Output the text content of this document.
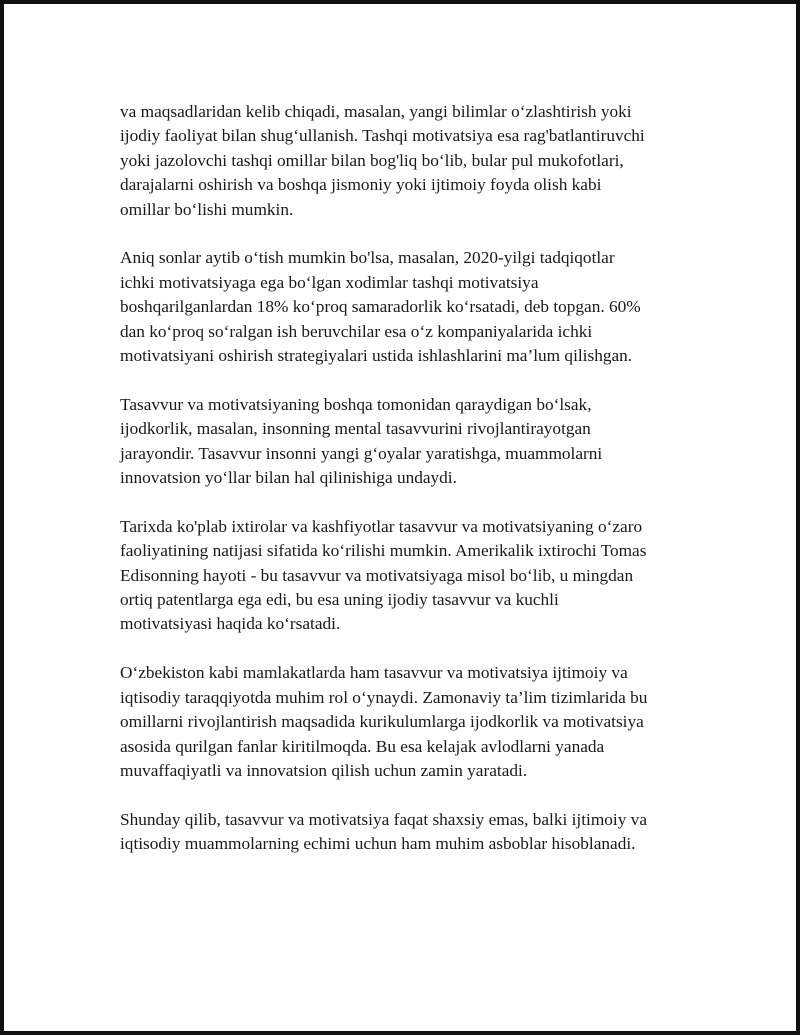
va maqsadlaridan kelib chiqadi, masalan, yangi bilimlar o‘zlashtirish yoki
ijodiy faoliyat bilan shug‘ullanish. Tashqi motivatsiya esa rag'batlantiruvchi
yoki jazolovchi tashqi omillar bilan bog'liq bo‘lib, bular pul mukofotlari,
darajalarni oshirish va boshqa jismoniy yoki ijtimoiy foyda olish kabi
omillar bo‘lishi mumkin.

Aniq sonlar aytib o‘tish mumkin bo'lsa, masalan, 2020-yilgi tadqiqotlar
ichki motivatsiyaga ega bo‘lgan xodimlar tashqi motivatsiya
boshqarilganlardan 18% ko‘proq samaradorlik ko‘rsatadi, deb topgan. 60%
dan ko‘proq so‘ralgan ish beruvchilar esa o‘z kompaniyalarida ichki
motivatsiyani oshirish strategiyalari ustida ishlashlarini ma’lum qilishgan.

Tasavvur va motivatsiyaning boshqa tomonidan qaraydigan bo‘lsak,
ijodkorlik, masalan, insonning mental tasavvurini rivojlantirayotgan
jarayondir. Tasavvur insonni yangi g‘oyalar yaratishga, muammolarni
innovatsion yo‘llar bilan hal qilinishiga undaydi.

Tarixda ko'plab ixtirolar va kashfiyotlar tasavvur va motivatsiyaning o‘zaro
faoliyatining natijasi sifatida ko‘rilishi mumkin. Amerikalik ixtirochi Tomas
Edisonning hayoti - bu tasavvur va motivatsiyaga misol bo‘lib, u mingdan
ortiq patentlarga ega edi, bu esa uning ijodiy tasavvur va kuchli
motivatsiyasi haqida ko‘rsatadi.

O‘zbekiston kabi mamlakatlarda ham tasavvur va motivatsiya ijtimoiy va
iqtisodiy taraqqiyotda muhim rol o‘ynaydi. Zamonaviy ta’lim tizimlarida bu
omillarni rivojlantirish maqsadida kurikulumlarga ijodkorlik va motivatsiya
asosida qurilgan fanlar kiritilmoqda. Bu esa kelajak avlodlarni yanada
muvaffaqiyatli va innovatsion qilish uchun zamin yaratadi.

Shunday qilib, tasavvur va motivatsiya faqat shaxsiy emas, balki ijtimoiy va
iqtisodiy muammolarning echimi uchun ham muhim asboblar hisoblanadi.
